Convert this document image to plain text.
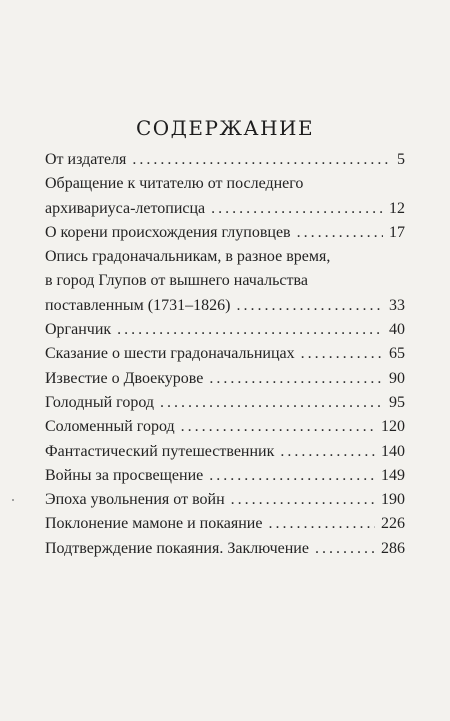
СОДЕРЖАНИЕ
От издателя .....	5
Обращение к читателю от последнего
архивариуса-летописца .....	12
О корени происхождения глуповцев .....	17
Опись градоначальникам, в разное время,
в город Глупов от вышнего начальства
поставленным (1731–1826) .....	33
Органчик .....	40
Сказание о шести градоначальницах .....	65
Известие о Двоекурове .....	90
Голодный город .....	95
Соломенный город .....	120
Фантастический путешественник .....	140
Войны за просвещение .....	149
Эпоха увольнения от войн .....	190
Поклонение мамоне и покаяние .....	226
Подтверждение покаяния. Заключение .....	286
